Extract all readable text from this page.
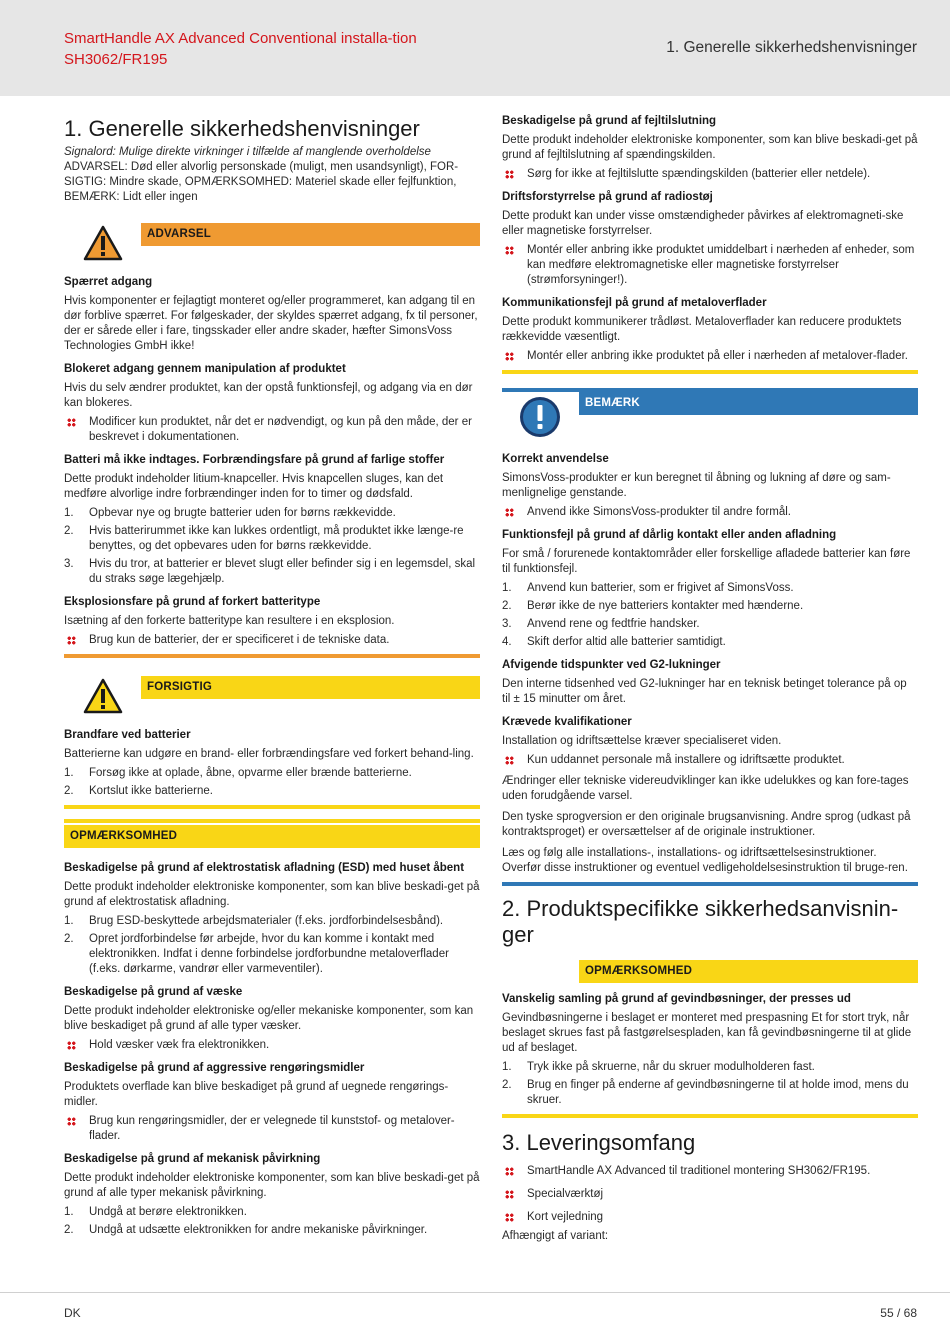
SmartHandle AX Advanced Conventional installa-tion SH3062/FR195
1. Generelle sikkerhedshenvisninger
1. Generelle sikkerhedshenvisninger

Signalord: Mulige direkte virkninger i tilfælde af manglende overholdelse

ADVARSEL: Død eller alvorlig personskade (muligt, men usandsynligt), FOR-SIGTIG: Mindre skade, OPMÆRKSOMHED: Materiel skade eller fejlfunktion, BEMÆRK: Lidt eller ingen

ADVARSEL
Spærret adgang

Hvis komponenter er fejlagtigt monteret og/eller programmeret, kan adgang til en dør forblive spærret. For følgeskader, der skyldes spærret adgang, fx til personer, der er sårede eller i fare, tingsskader eller andre skader, hæfter SimonsVoss Technologies GmbH ikke!

Blokeret adgang gennem manipulation af produktet

Hvis du selv ændrer produktet, kan der opstå funktionsfejl, og adgang via en dør kan blokeres.

Modificer kun produktet, når det er nødvendigt, og kun på den måde, der er beskrevet i dokumentationen.
Batteri må ikke indtages. Forbrændingsfare på grund af farlige stoffer

Dette produkt indeholder litium-knapceller. Hvis knapcellen sluges, kan det medføre alvorlige indre forbrændinger inden for to timer og dødsfald.

1. Opbevar nye og brugte batterier uden for børns rækkevidde.
2. Hvis batterirummet ikke kan lukkes ordentligt, må produktet ikke længe-re benyttes, og det opbevares uden for børns rækkevidde.
3. Hvis du tror, at batterier er blevet slugt eller befinder sig i en legemsdel, skal du straks søge lægehjælp.
Eksplosionsfare på grund af forkert batteritype

Isætning af den forkerte batteritype kan resultere i en eksplosion.

Brug kun de batterier, der er specificeret i de tekniske data.
FORSIGTIG
Brandfare ved batterier

Batterierne kan udgøre en brand- eller forbrændingsfare ved forkert behand-ling.

1. Forsøg ikke at oplade, åbne, opvarme eller brænde batterierne.
2. Kortslut ikke batterierne.
OPMÆRKSOMHED
Beskadigelse på grund af elektrostatisk afladning (ESD) med huset åbent

Dette produkt indeholder elektroniske komponenter, som kan blive beskadi-get på grund af elektrostatisk afladning.

1. Brug ESD-beskyttede arbejdsmaterialer (f.eks. jordforbindelsesbånd).
2. Opret jordforbindelse før arbejde, hvor du kan komme i kontakt med elektronikken. Indfat i denne forbindelse jordforbundne metaloverflader (f.eks. dørkarme, vandrør eller varmeventiler).
Beskadigelse på grund af væske

Dette produkt indeholder elektroniske og/eller mekaniske komponenter, som kan blive beskadiget på grund af alle typer væsker.

Hold væsker væk fra elektronikken.
Beskadigelse på grund af aggressive rengøringsmidler

Produktets overflade kan blive beskadiget på grund af uegnede rengørings-midler.

Brug kun rengøringsmidler, der er velegnede til kunststof- og metalover-flader.
Beskadigelse på grund af mekanisk påvirkning

Dette produkt indeholder elektroniske komponenter, som kan blive beskadi-get på grund af alle typer mekanisk påvirkning.

1. Undgå at berøre elektronikken.
2. Undgå at udsætte elektronikken for andre mekaniske påvirkninger.
Beskadigelse på grund af fejltilslutning

Dette produkt indeholder elektroniske komponenter, som kan blive beskadi-get på grund af fejltilslutning af spændingskilden.

Sørg for ikke at fejltilslutte spændingskilden (batterier eller netdele).
Driftsforstyrrelse på grund af radiostøj

Dette produkt kan under visse omstændigheder påvirkes af elektromagneti-ske eller magnetiske forstyrrelser.

Montér eller anbring ikke produktet umiddelbart i nærheden af enheder, som kan medføre elektromagnetiske eller magnetiske forstyrrelser (strømforsyninger!).
Kommunikationsfejl på grund af metaloverflader

Dette produkt kommunikerer trådløst. Metaloverflader kan reducere produktets rækkevidde væsentligt.

Montér eller anbring ikke produktet på eller i nærheden af metalover-flader.
BEMÆRK
Korrekt anvendelse

SimonsVoss-produkter er kun beregnet til åbning og lukning af døre og sam-menlignelige genstande.

Anvend ikke SimonsVoss-produkter til andre formål.
Funktionsfejl på grund af dårlig kontakt eller anden afladning

For små / forurenede kontaktområder eller forskellige afladede batterier kan føre til funktionsfejl.

1. Anvend kun batterier, som er frigivet af SimonsVoss.
2. Berør ikke de nye batteriers kontakter med hænderne.
3. Anvend rene og fedtfrie handsker.
4. Skift derfor altid alle batterier samtidigt.
Afvigende tidspunkter ved G2-lukninger

Den interne tidsenhed ved G2-lukninger har en teknisk betinget tolerance på op til ± 15 minutter om året.

Krævede kvalifikationer

Installation og idriftsættelse kræver specialiseret viden.

Kun uddannet personale må installere og idriftsætte produktet.

Ændringer eller tekniske videreudviklinger kan ikke udelukkes og kan fore-tages uden forudgående varsel.

Den tyske sprogversion er den originale brugsanvisning. Andre sprog (udkast på kontraktsproget) er oversættelser af de originale instruktioner.

Læs og følg alle installations-, installations- og idriftsættelsesinstruktioner. Overfør disse instruktioner og eventuel vedligeholdelsesinstruktion til bruge-ren.

2. Produktspecifikke sikkerhedsanvisnin-ger
OPMÆRKSOMHED
Vanskelig samling på grund af gevindbøsninger, der presses ud

Gevindbøsningerne i beslaget er monteret med prespasning Et for stort tryk, når beslaget skrues fast på fastgørelsespladen, kan få gevindbøsningerne til at glide ud af beslaget.

1. Tryk ikke på skruerne, når du skruer modulholderen fast.
2. Brug en finger på enderne af gevindbøsningerne til at holde imod, mens du skruer.
3. Leveringsomfang
SmartHandle AX Advanced til traditionel montering SH3062/FR195.
Specialværktøj
Kort vejledning

Afhængigt af variant:

DK	55 / 68
